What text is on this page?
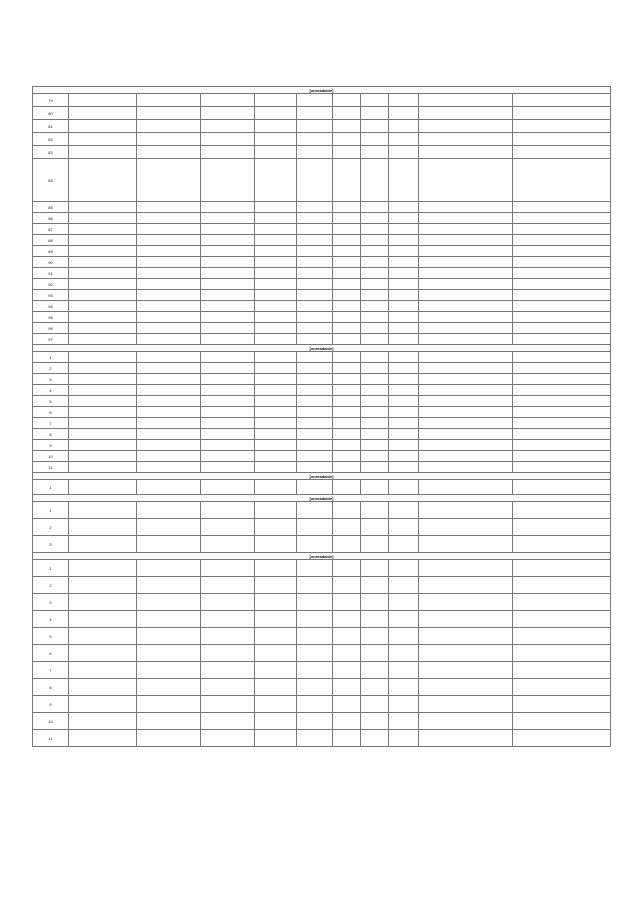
[unreadable]										
79										
80										
81										
82										
83										
84										
85										
86										
87										
88										
89										
90										
91										
92										
93										
94										
95										
96										
97										
[unreadable]										
1										
2										
3										
4										
5										
6										
7										
8										
9										
10										
11										
[unreadable]										
1										
[unreadable]										
1										
2										
3										
[unreadable]										
1										
2										
3										
4										
5										
6										
7										
8										
9										
10										
11										
